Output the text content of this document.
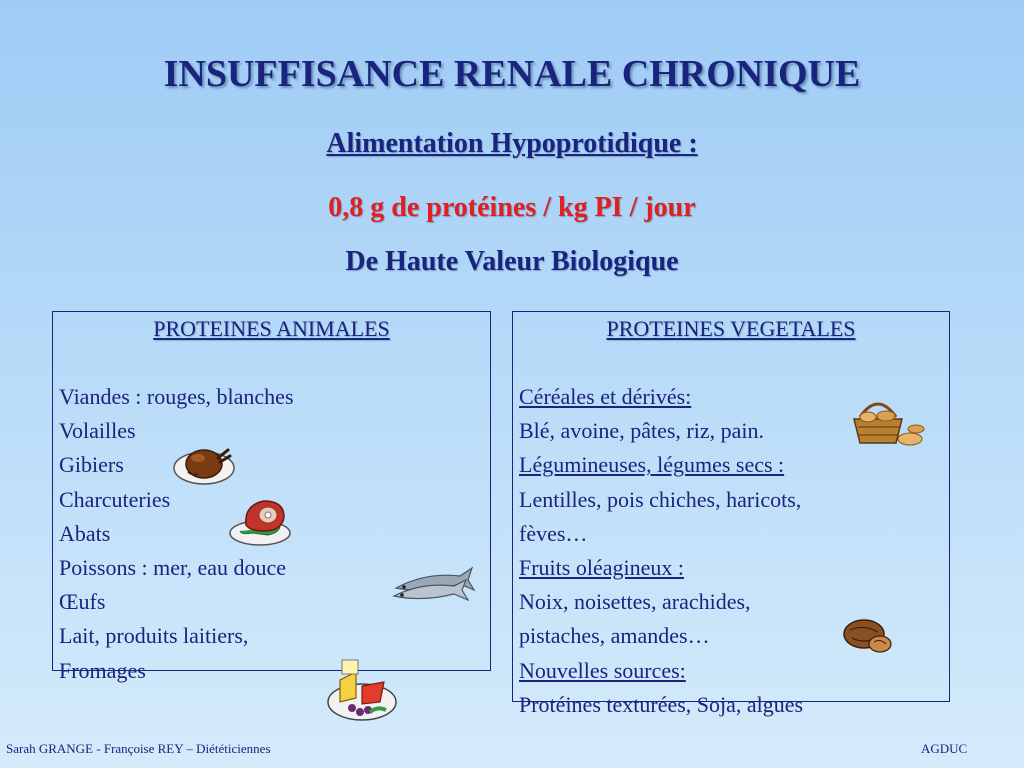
INSUFFISANCE RENALE CHRONIQUE
Alimentation Hypoprotidique :
0,8 g de protéines / kg PI / jour
De Haute Valeur Biologique
PROTEINES ANIMALES
Viandes : rouges, blanches
Volailles
Gibiers
Charcuteries
Abats
Poissons : mer, eau douce
Œufs
Lait, produits laitiers,
Fromages
PROTEINES VEGETALES
Céréales et dérivés:
Blé, avoine, pâtes, riz, pain.
Légumineuses, légumes secs :
Lentilles, pois chiches, haricots,
fèves…
Fruits oléagineux :
Noix, noisettes, arachides,
pistaches, amandes…
Nouvelles sources:
Protéines texturées, Soja, algues
Sarah GRANGE - Françoise REY – Diététiciennes	AGDUC
